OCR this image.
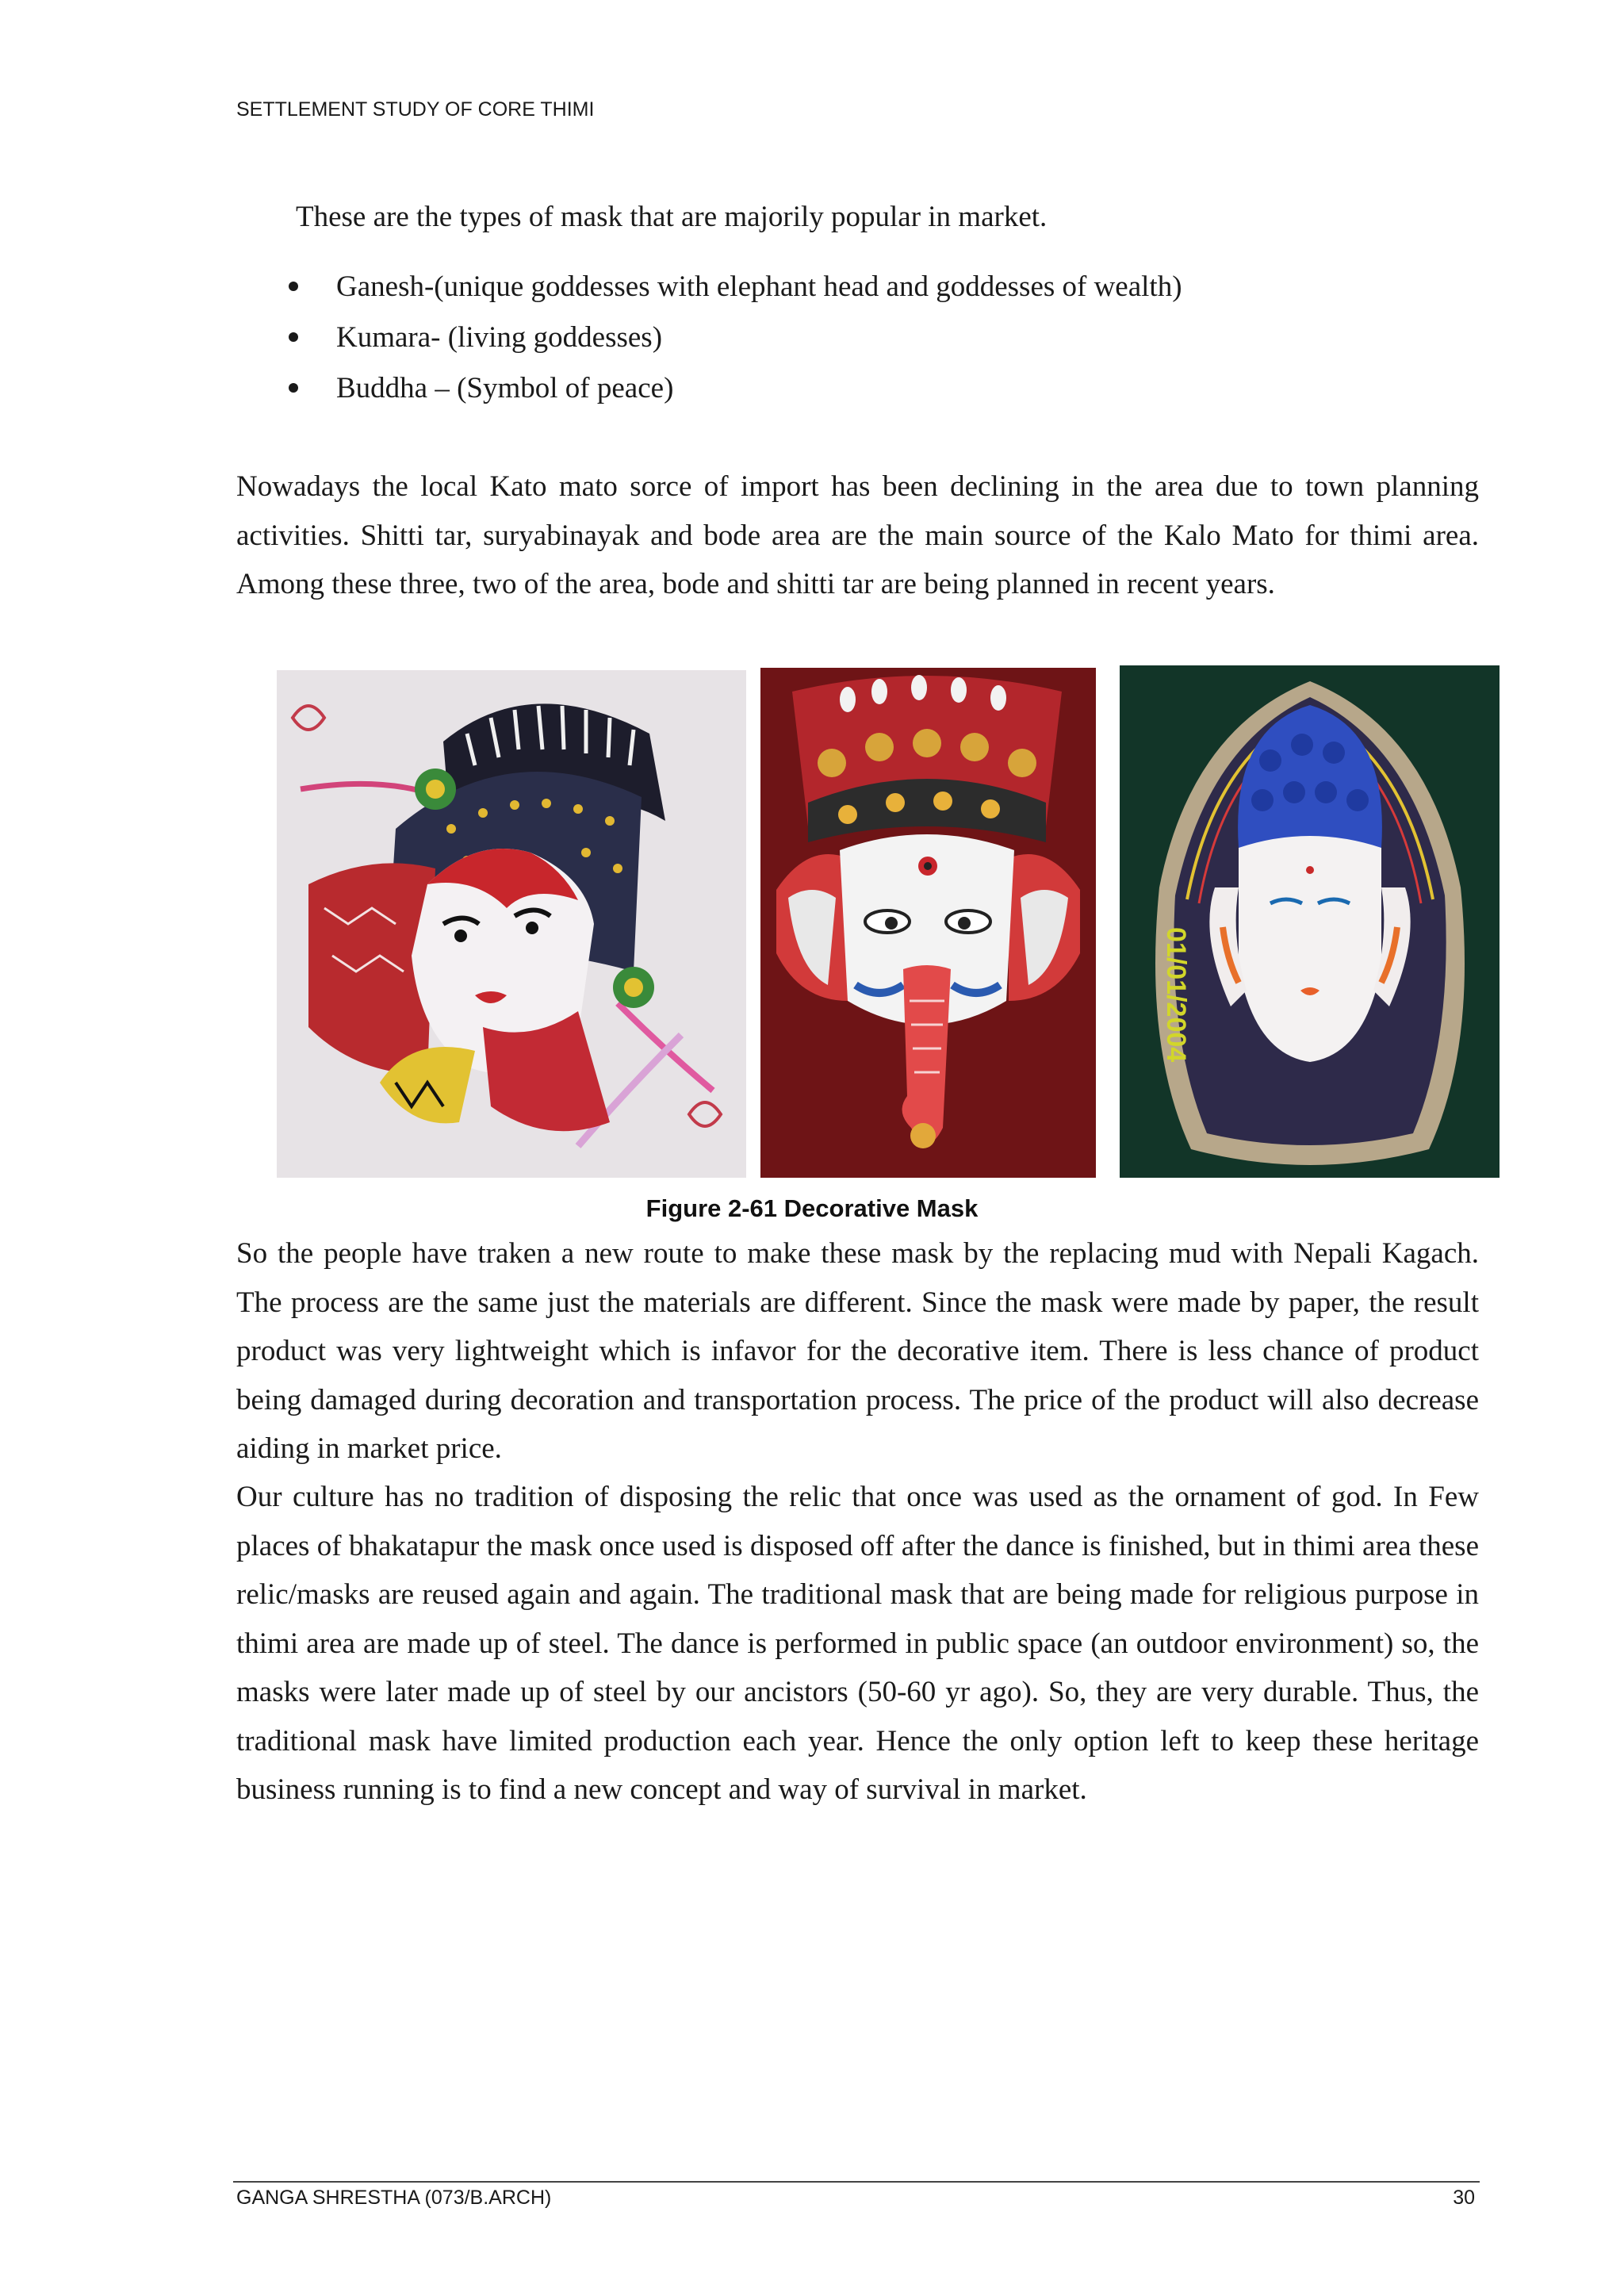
SETTLEMENT STUDY OF CORE THIMI
These are the types of mask that are majorily popular in market.
Ganesh-(unique goddesses with elephant head and goddesses of wealth)
Kumara- (living goddesses)
Buddha – (Symbol of peace)

Nowadays the local Kato mato sorce of import has been declining in the area due to town planning activities. Shitti tar, suryabinayak and bode area are the main source of the Kalo Mato for thimi area. Among these three, two of the area, bode and shitti tar are being planned in recent years.

01/01/2004
Figure 2-61 Decorative Mask

So the people have traken a new route to make these mask by the replacing mud with Nepali Kagach. The process are the same just the materials are different. Since the mask were made by paper, the result product was very lightweight which is infavor for the decorative item. There is less chance of product being damaged during decoration and transportation process. The price of the product will also decrease aiding in market price.

Our culture has no tradition of disposing the relic that once was used as the ornament of god. In Few places of bhakatapur the mask once used is disposed off after the dance is finished, but in thimi area these relic/masks are reused again and again. The traditional mask that are being made for religious purpose in thimi area are made up of steel. The dance is performed in public space (an outdoor environment) so, the masks were later made up of steel by our ancistors (50-60 yr ago). So, they are very durable. Thus, the traditional mask have limited production each year. Hence the only option left to keep these heritage business running is to find a new concept and way of survival in market.

GANGA SHRESTHA (073/B.ARCH)	30
